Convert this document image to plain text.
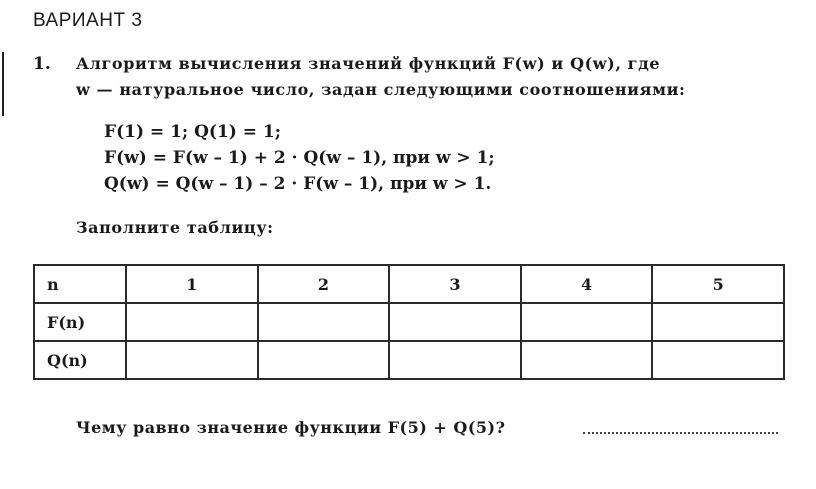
ВАРИАНТ 3
1. Алгоритм вычисления значений функций F(w) и Q(w), где
w — натуральное число, задан следующими соотношениями:
F(1) = 1; Q(1) = 1;
F(w) = F(w – 1) + 2 · Q(w – 1), при w > 1;
Q(w) = Q(w – 1) – 2 · F(w – 1), при w > 1.
Заполните таблицу:
n	1	2	3	4	5
F(n)					
Q(n)					
Чему равно значение функции F(5) + Q(5)?
